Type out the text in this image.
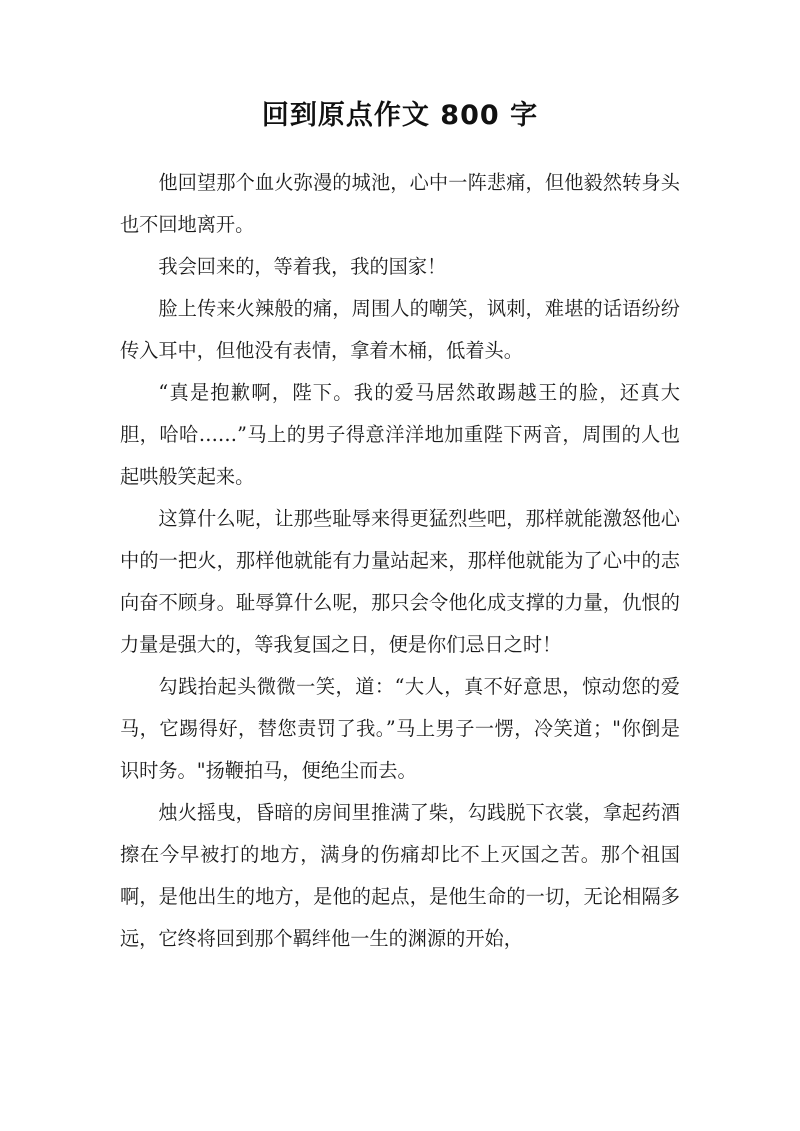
回到原点作文 800 字

他回望那个血火弥漫的城池，心中一阵悲痛，但他毅然转身头也不回地离开。

我会回来的，等着我，我的国家！

脸上传来火辣般的痛，周围人的嘲笑，讽刺，难堪的话语纷纷传入耳中，但他没有表情，拿着木桶，低着头。

“真是抱歉啊，陛下。我的爱马居然敢踢越王的脸，还真大胆，哈哈……”马上的男子得意洋洋地加重陛下两音，周围的人也起哄般笑起来。

这算什么呢，让那些耻辱来得更猛烈些吧，那样就能激怒他心中的一把火，那样他就能有力量站起来，那样他就能为了心中的志向奋不顾身。耻辱算什么呢，那只会令他化成支撑的力量，仇恨的力量是强大的，等我复国之日，便是你们忌日之时！

勾践抬起头微微一笑，道：“大人，真不好意思，惊动您的爱马，它踢得好，替您责罚了我。”马上男子一愣，冷笑道；"你倒是识时务。"扬鞭拍马，便绝尘而去。

烛火摇曳，昏暗的房间里推满了柴，勾践脱下衣裳，拿起药酒擦在今早被打的地方，满身的伤痛却比不上灭国之苦。那个祖国啊，是他出生的地方，是他的起点，是他生命的一切，无论相隔多远，它终将回到那个羁绊他一生的渊源的开始，
